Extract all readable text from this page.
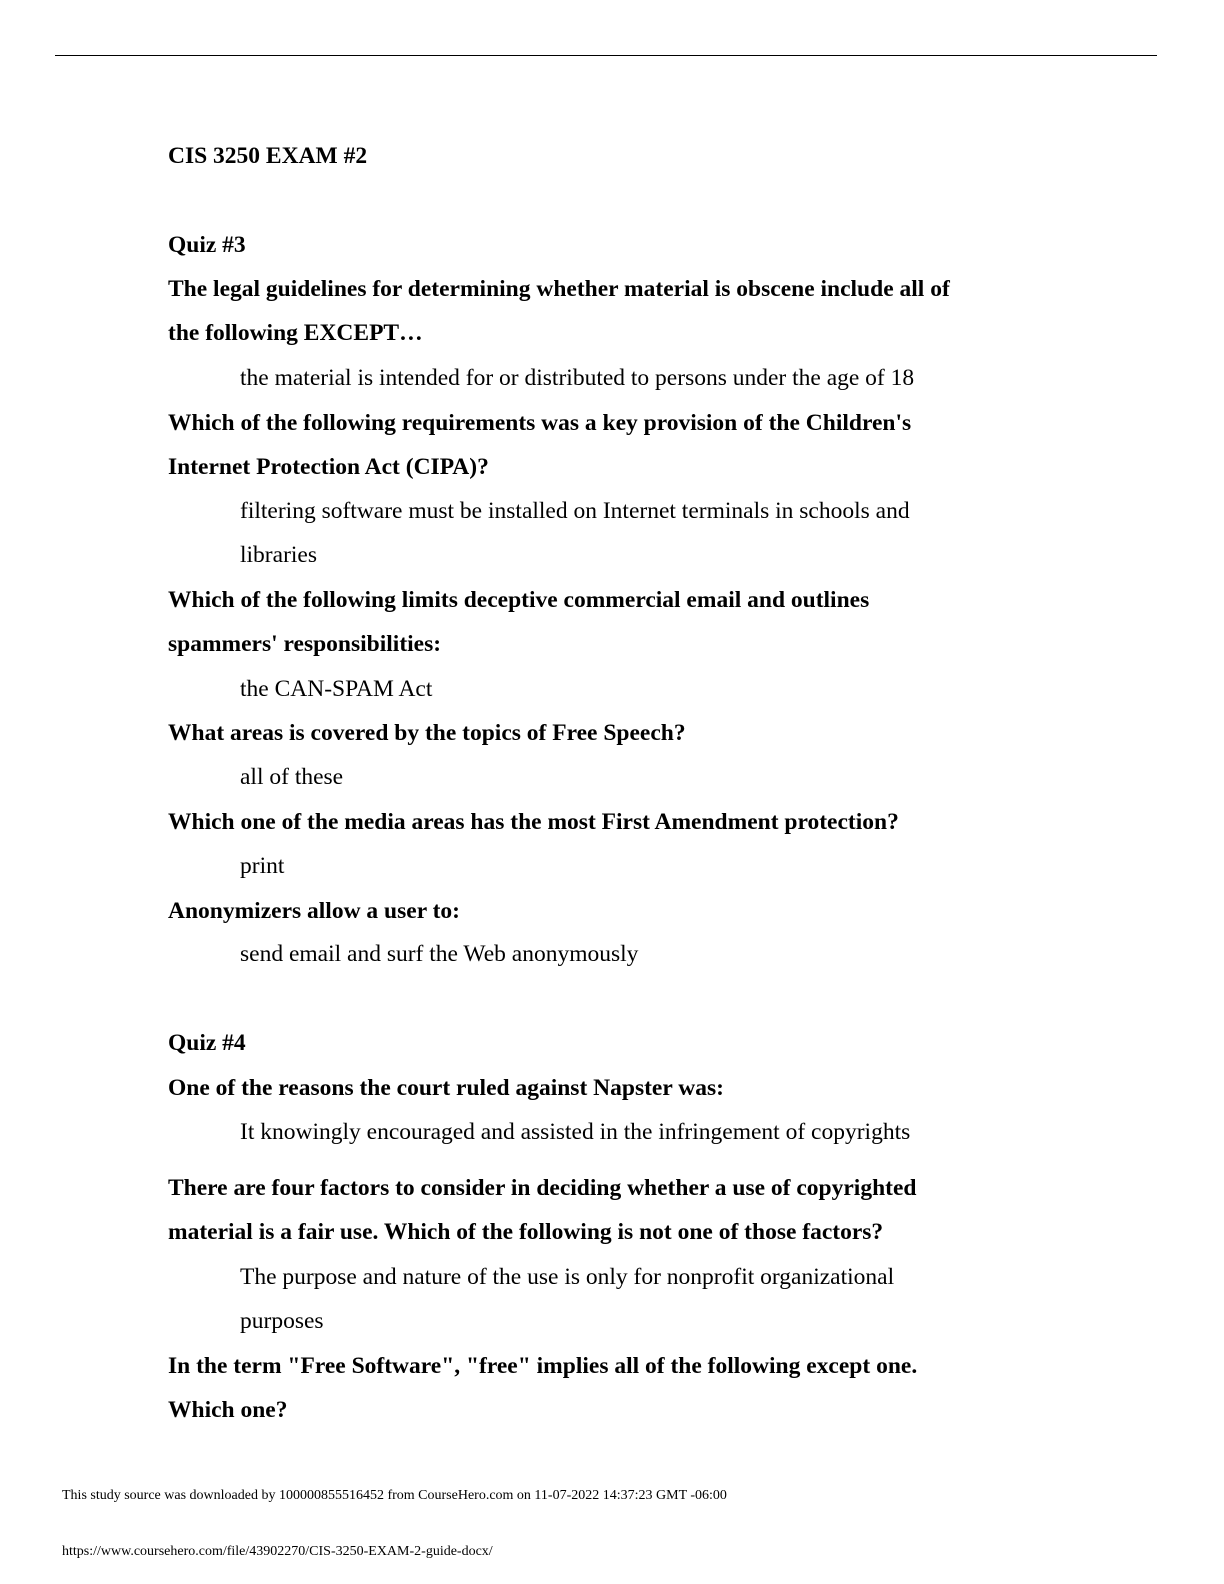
CIS 3250 EXAM #2
Quiz #3
The legal guidelines for determining whether material is obscene include all of
the following EXCEPT…
the material is intended for or distributed to persons under the age of 18
Which of the following requirements was a key provision of the Children's
Internet Protection Act (CIPA)?
filtering software must be installed on Internet terminals in schools and
libraries
Which of the following limits deceptive commercial email and outlines
spammers' responsibilities:
the CAN-SPAM Act
What areas is covered by the topics of Free Speech?
all of these
Which one of the media areas has the most First Amendment protection?
print
Anonymizers allow a user to:
send email and surf the Web anonymously
Quiz #4
One of the reasons the court ruled against Napster was:
It knowingly encouraged and assisted in the infringement of copyrights
There are four factors to consider in deciding whether a use of copyrighted
material is a fair use. Which of the following is not one of those factors?
The purpose and nature of the use is only for nonprofit organizational
purposes
In the term "Free Software", "free" implies all of the following except one.
Which one?
This study source was downloaded by 100000855516452 from CourseHero.com on 11-07-2022 14:37:23 GMT -06:00
https://www.coursehero.com/file/43902270/CIS-3250-EXAM-2-guide-docx/
